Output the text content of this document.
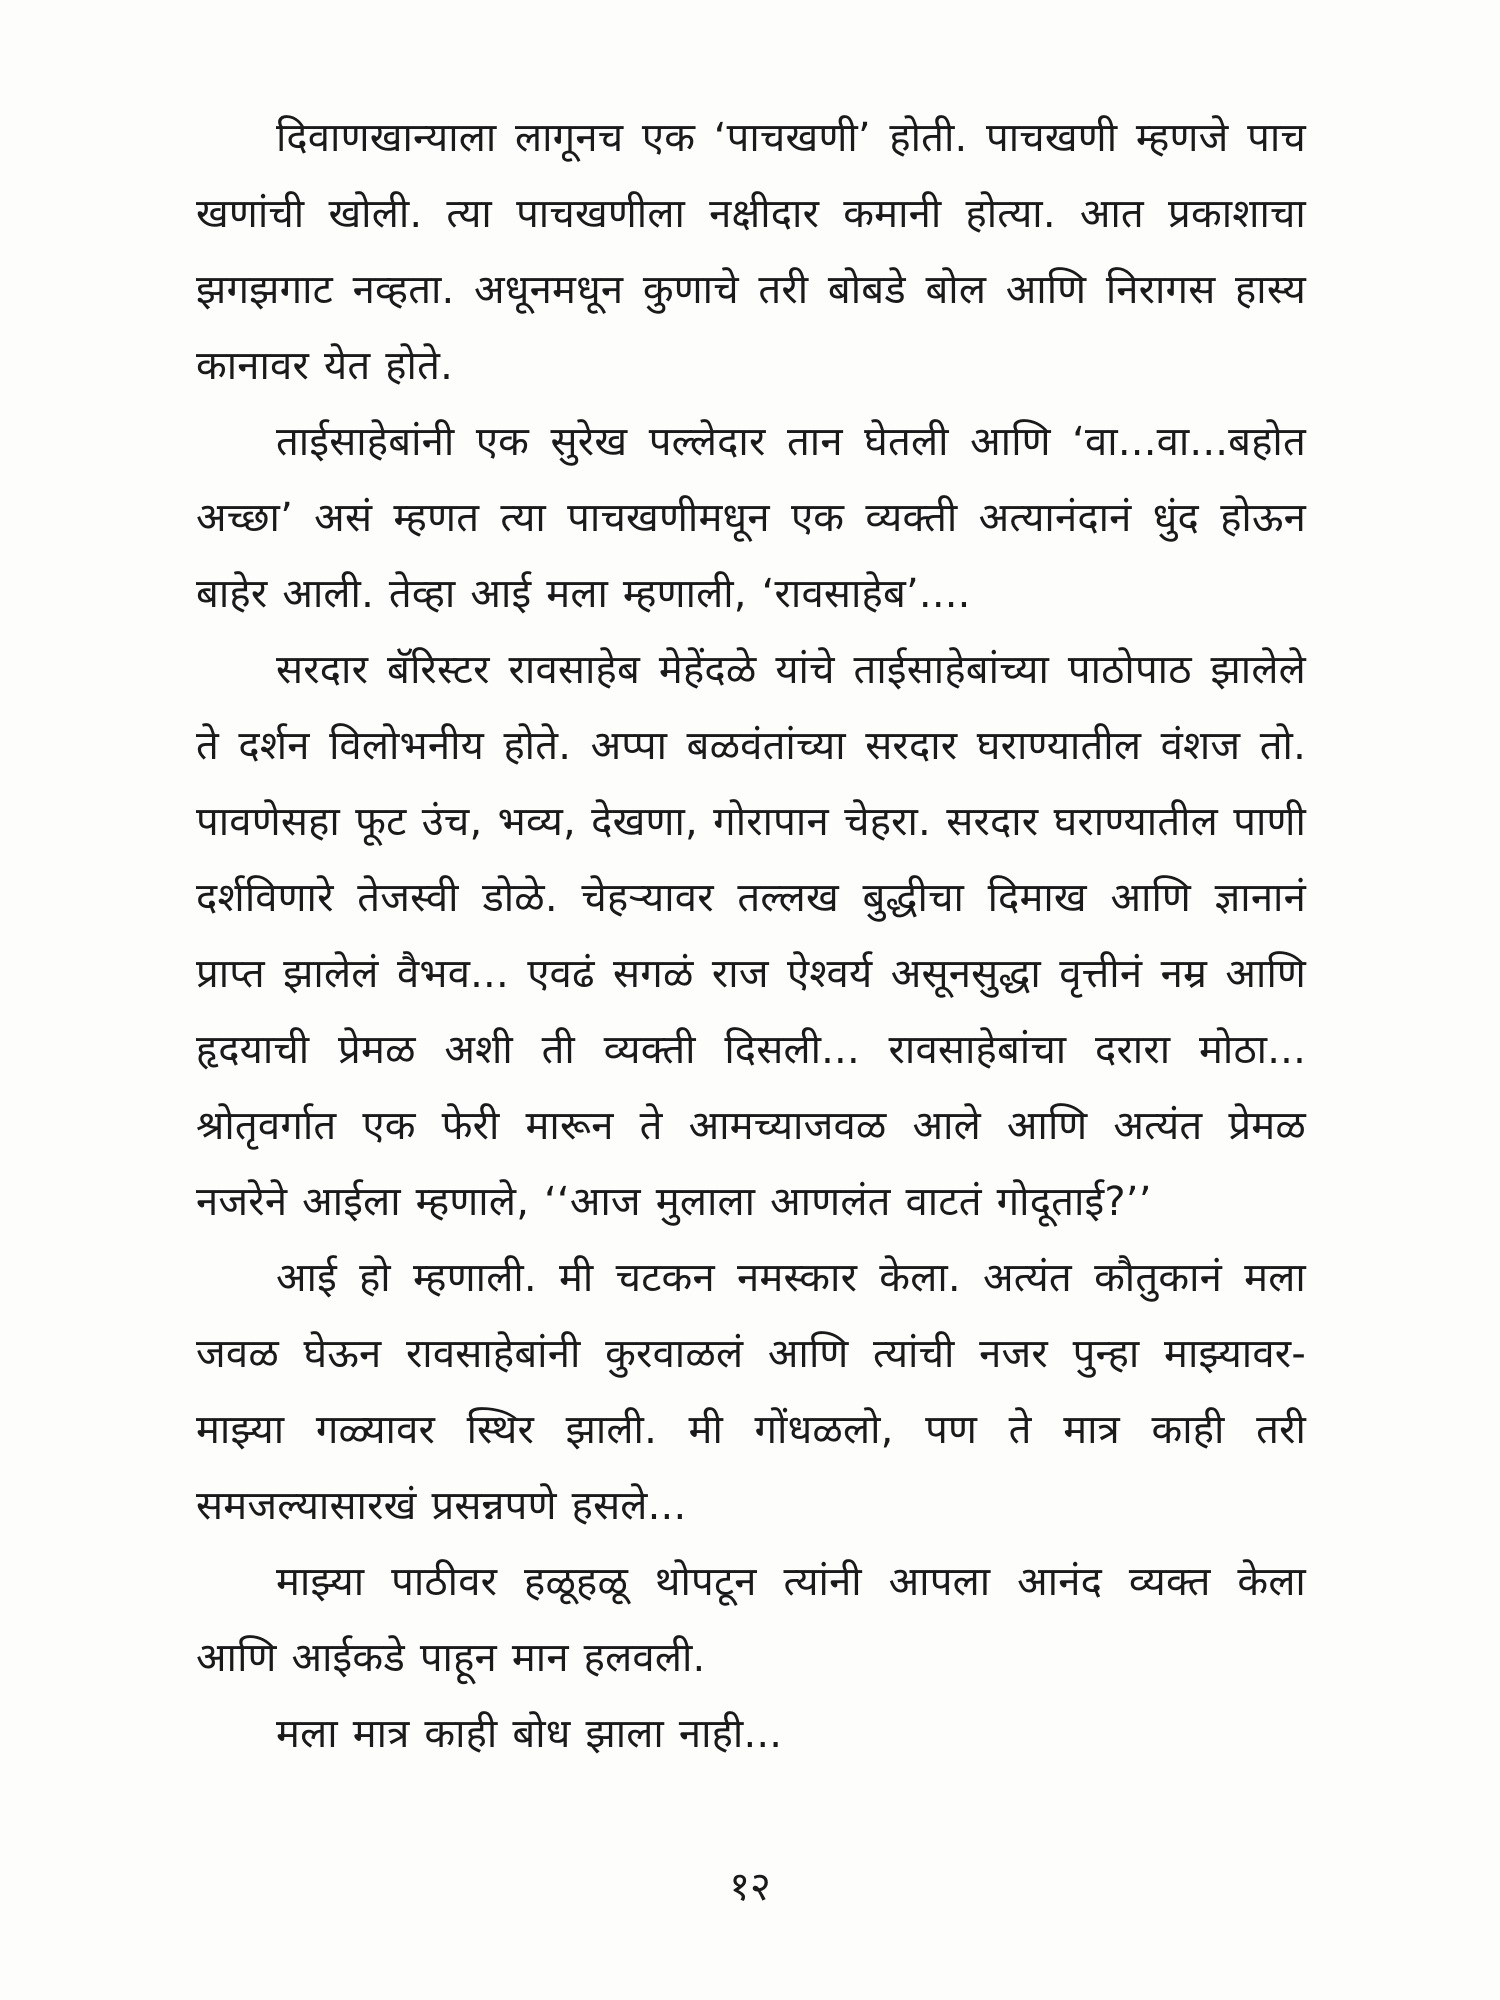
दिवाणखान्याला लागूनच एक ‘पाचखणी’ होती. पाचखणी म्हणजे पाच खणांची खोली. त्या पाचखणीला नक्षीदार कमानी होत्या. आत प्रकाशाचा झगझगाट नव्हता. अधूनमधून कुणाचे तरी बोबडे बोल आणि निरागस हास्य कानावर येत होते.

ताईसाहेबांनी एक सुरेख पल्लेदार तान घेतली आणि ‘वा...वा...बहोत अच्छा’ असं म्हणत त्या पाचखणीमधून एक व्यक्ती अत्यानंदानं धुंद होऊन बाहेर आली. तेव्हा आई मला म्हणाली, ‘रावसाहेब’....

सरदार बॅरिस्टर रावसाहेब मेहेंदळे यांचे ताईसाहेबांच्या पाठोपाठ झालेले ते दर्शन विलोभनीय होते. अप्पा बळवंतांच्या सरदार घराण्यातील वंशज तो. पावणेसहा फूट उंच, भव्य, देखणा, गोरापान चेहरा. सरदार घराण्यातील पाणी दर्शविणारे तेजस्वी डोळे. चेहऱ्यावर तल्लख बुद्धीचा दिमाख आणि ज्ञानानं प्राप्त झालेलं वैभव... एवढं सगळं राज ऐश्वर्य असूनसुद्धा वृत्तीनं नम्र आणि हृदयाची प्रेमळ अशी ती व्यक्ती दिसली... रावसाहेबांचा दरारा मोठा... श्रोतृवर्गात एक फेरी मारून ते आमच्याजवळ आले आणि अत्यंत प्रेमळ नजरेने आईला म्हणाले, ‘‘आज मुलाला आणलंत वाटतं गोदूताई?’’

आई हो म्हणाली. मी चटकन नमस्कार केला. अत्यंत कौतुकानं मला जवळ घेऊन रावसाहेबांनी कुरवाळलं आणि त्यांची नजर पुन्हा माझ्यावर-माझ्या गळ्यावर स्थिर झाली. मी गोंधळलो, पण ते मात्र काही तरी समजल्यासारखं प्रसन्नपणे हसले...

माझ्या पाठीवर हळूहळू थोपटून त्यांनी आपला आनंद व्यक्त केला आणि आईकडे पाहून मान हलवली.

मला मात्र काही बोध झाला नाही...

१२
